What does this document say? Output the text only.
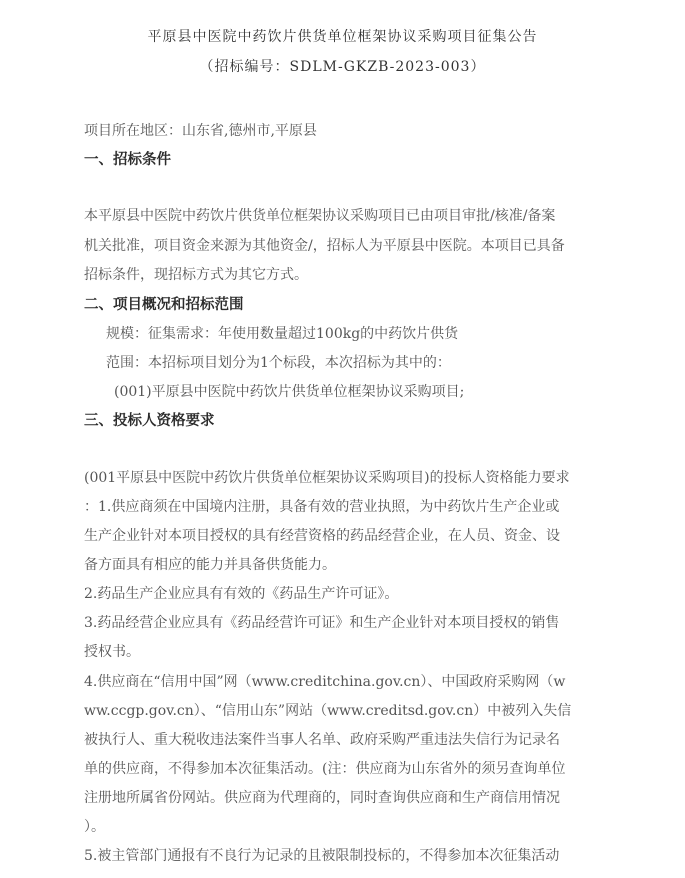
平原县中医院中药饮片供货单位框架协议采购项目征集公告
（招标编号：SDLM-GKZB-2023-003）

项目所在地区：山东省,德州市,平原县

一、招标条件

本平原县中医院中药饮片供货单位框架协议采购项目已由项目审批/核准/备案

机关批准，项目资金来源为其他资金/，招标人为平原县中医院。本项目已具备

招标条件，现招标方式为其它方式。

二、项目概况和招标范围

规模：征集需求：年使用数量超过100kg的中药饮片供货

范围：本招标项目划分为1个标段，本次招标为其中的：

(001)平原县中医院中药饮片供货单位框架协议采购项目;

三、投标人资格要求

(001平原县中医院中药饮片供货单位框架协议采购项目)的投标人资格能力要求

：1.供应商须在中国境内注册，具备有效的营业执照，为中药饮片生产企业或

生产企业针对本项目授权的具有经营资格的药品经营企业，在人员、资金、设

备方面具有相应的能力并具备供货能力。

2.药品生产企业应具有有效的《药品生产许可证》。

3.药品经营企业应具有《药品经营许可证》和生产企业针对本项目授权的销售

授权书。

4.供应商在“信用中国”网（www.creditchina.gov.cn）、中国政府采购网（w

ww.ccgp.gov.cn）、“信用山东”网站（www.creditsd.gov.cn）中被列入失信

被执行人、重大税收违法案件当事人名单、政府采购严重违法失信行为记录名

单的供应商，不得参加本次征集活动。(注：供应商为山东省外的须另查询单位

注册地所属省份网站。供应商为代理商的，同时查询供应商和生产商信用情况

）。

5.被主管部门通报有不良行为记录的且被限制投标的，不得参加本次征集活动
